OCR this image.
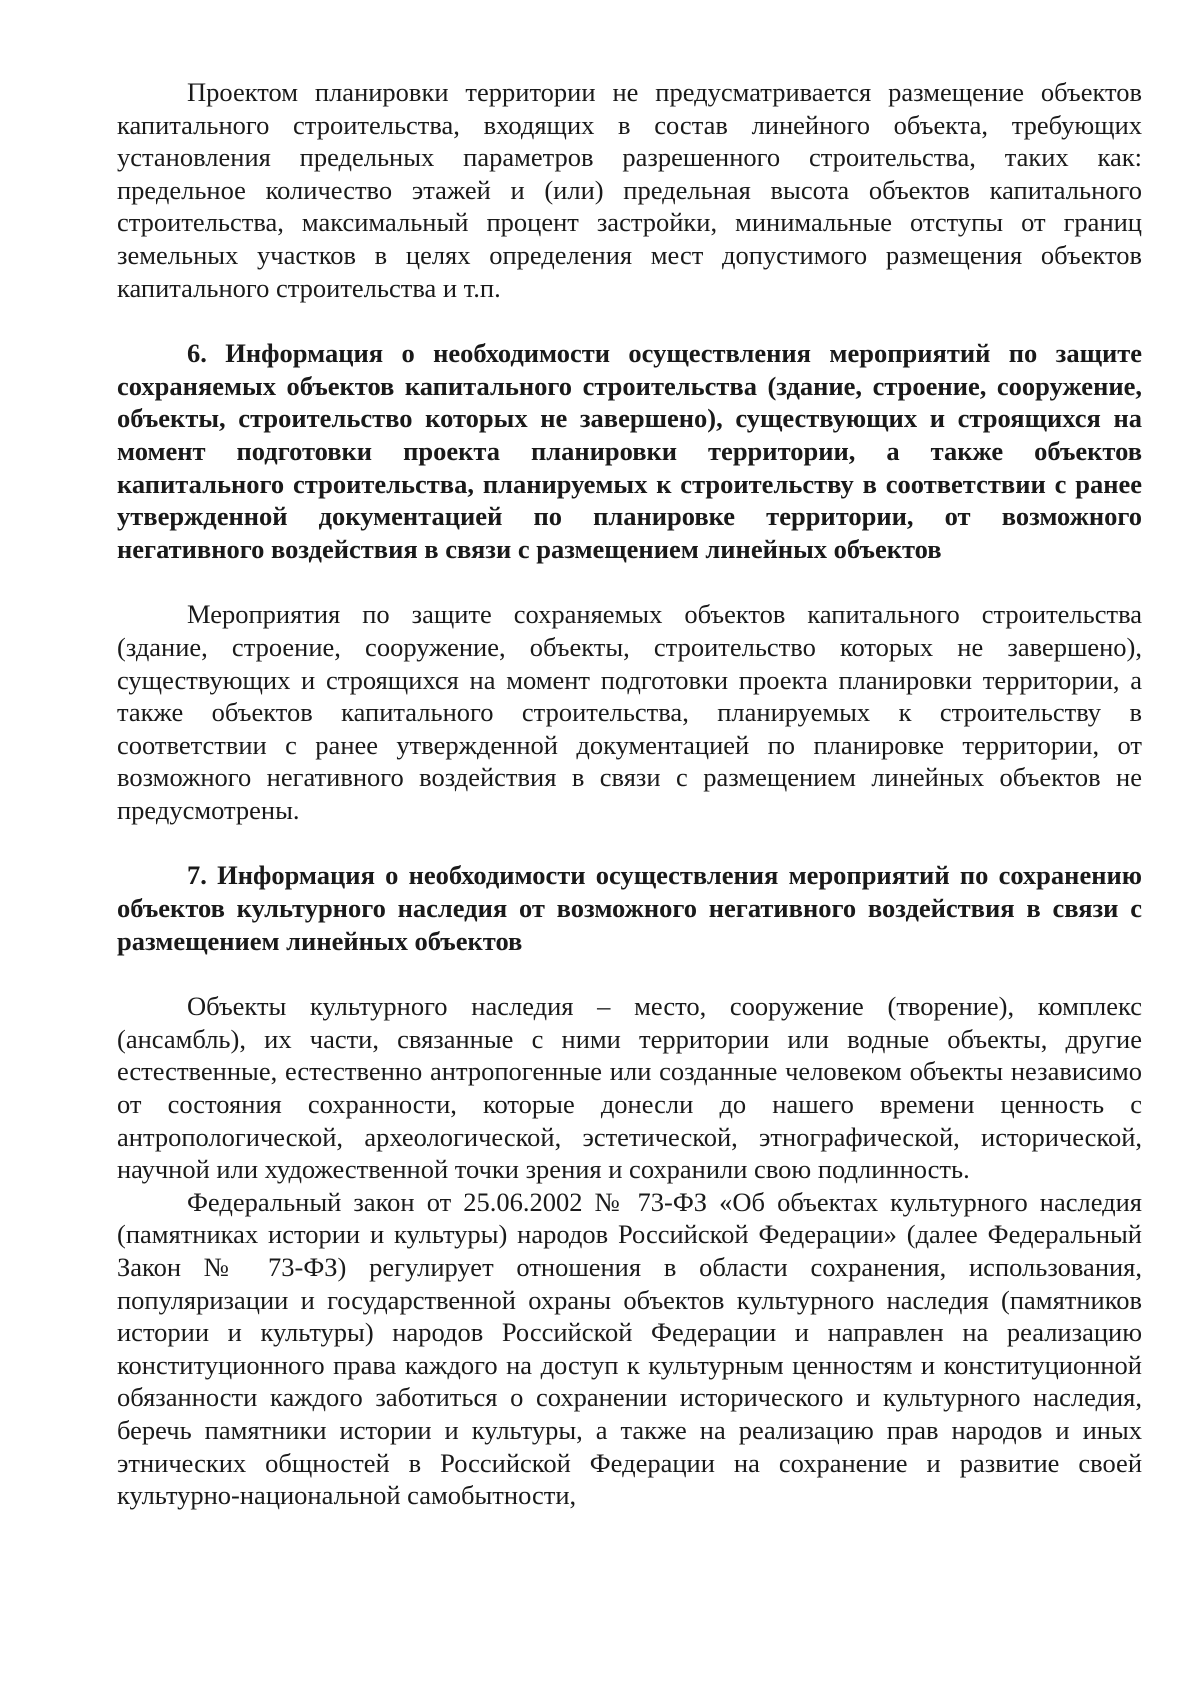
Проектом планировки территории не предусматривается размещение объектов капитального строительства, входящих в состав линейного объекта, требующих установления предельных параметров разрешенного строительства, таких как: предельное количество этажей и (или) предельная высота объектов капитального строительства, максимальный процент застройки, минимальные отступы от границ земельных участков в целях определения мест допустимого размещения объектов капитального строительства и т.п.

6. Информация о необходимости осуществления мероприятий по защите сохраняемых объектов капитального строительства (здание, строение, сооружение, объекты, строительство которых не завершено), существующих и строящихся на момент подготовки проекта планировки территории, а также объектов капитального строительства, планируемых к строительству в соответствии с ранее утвержденной документацией по планировке территории, от возможного негативного воздействия в связи с размещением линейных объектов

Мероприятия по защите сохраняемых объектов капитального строительства (здание, строение, сооружение, объекты, строительство которых не завершено), существующих и строящихся на момент подготовки проекта планировки территории, а также объектов капитального строительства, планируемых к строительству в соответствии с ранее утвержденной документацией по планировке территории, от возможного негативного воздействия в связи с размещением линейных объектов не предусмотрены.

7. Информация о необходимости осуществления мероприятий по сохранению объектов культурного наследия от возможного негативного воздействия в связи с размещением линейных объектов

Объекты культурного наследия – место, сооружение (творение), комплекс (ансамбль), их части, связанные с ними территории или водные объекты, другие естественные, естественно антропогенные или созданные человеком объекты независимо от состояния сохранности, которые донесли до нашего времени ценность с антропологической, археологической, эстетической, этнографической, исторической, научной или художественной точки зрения и сохранили свою подлинность.

Федеральный закон от 25.06.2002 № 73-ФЗ «Об объектах культурного наследия (памятниках истории и культуры) народов Российской Федерации» (далее Федеральный Закон № 73-ФЗ) регулирует отношения в области сохранения, использования, популяризации и государственной охраны объектов культурного наследия (памятников истории и культуры) народов Российской Федерации и направлен на реализацию конституционного права каждого на доступ к культурным ценностям и конституционной обязанности каждого заботиться о сохранении исторического и культурного наследия, беречь памятники истории и культуры, а также на реализацию прав народов и иных этнических общностей в Российской Федерации на сохранение и развитие своей культурно-национальной самобытности,
